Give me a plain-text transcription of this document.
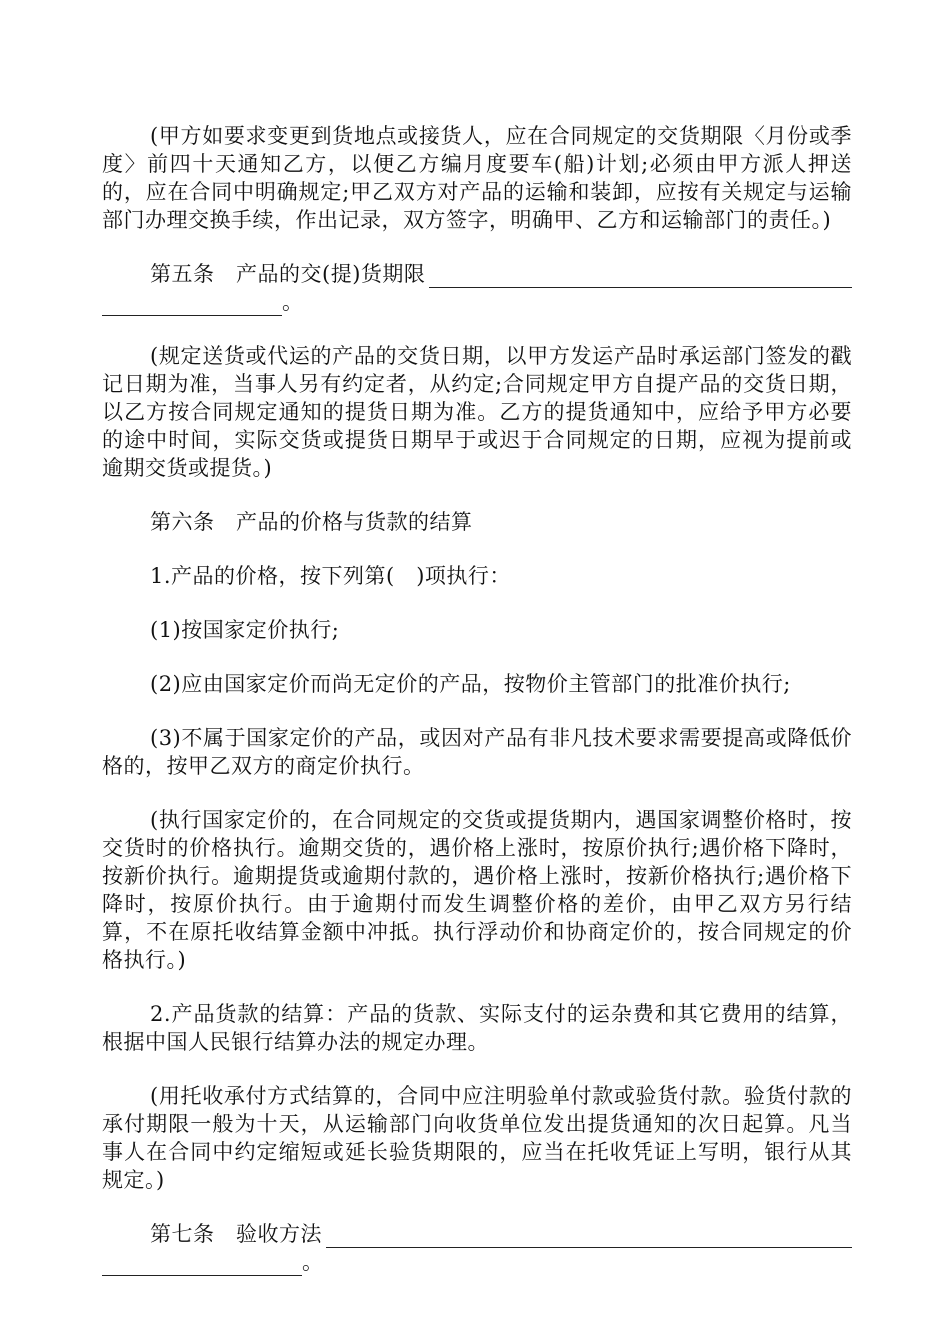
(甲方如要求变更到货地点或接货人，应在合同规定的交货期限〈月份或季度〉前四十天通知乙方，以便乙方编月度要车(船)计划;必须由甲方派人押送的，应在合同中明确规定;甲乙双方对产品的运输和装卸，应按有关规定与运输部门办理交换手续，作出记录，双方签字，明确甲、乙方和运输部门的责任。)

第五条　产品的交(提)货期限
。

(规定送货或代运的产品的交货日期，以甲方发运产品时承运部门签发的戳记日期为准，当事人另有约定者，从约定;合同规定甲方自提产品的交货日期，以乙方按合同规定通知的提货日期为准。乙方的提货通知中，应给予甲方必要的途中时间，实际交货或提货日期早于或迟于合同规定的日期，应视为提前或逾期交货或提货。)

第六条　产品的价格与货款的结算

1.产品的价格，按下列第(　)项执行：

(1)按国家定价执行;

(2)应由国家定价而尚无定价的产品，按物价主管部门的批准价执行;

(3)不属于国家定价的产品，或因对产品有非凡技术要求需要提高或降低价格的，按甲乙双方的商定价执行。

(执行国家定价的，在合同规定的交货或提货期内，遇国家调整价格时，按交货时的价格执行。逾期交货的，遇价格上涨时，按原价执行;遇价格下降时，按新价执行。逾期提货或逾期付款的，遇价格上涨时，按新价格执行;遇价格下降时，按原价执行。由于逾期付而发生调整价格的差价，由甲乙双方另行结算，不在原托收结算金额中冲抵。执行浮动价和协商定价的，按合同规定的价格执行。)

2.产品货款的结算：产品的货款、实际支付的运杂费和其它费用的结算，根据中国人民银行结算办法的规定办理。

(用托收承付方式结算的，合同中应注明验单付款或验货付款。验货付款的承付期限一般为十天，从运输部门向收货单位发出提货通知的次日起算。凡当事人在合同中约定缩短或延长验货期限的，应当在托收凭证上写明，银行从其规定。)

第七条　验收方法
。
